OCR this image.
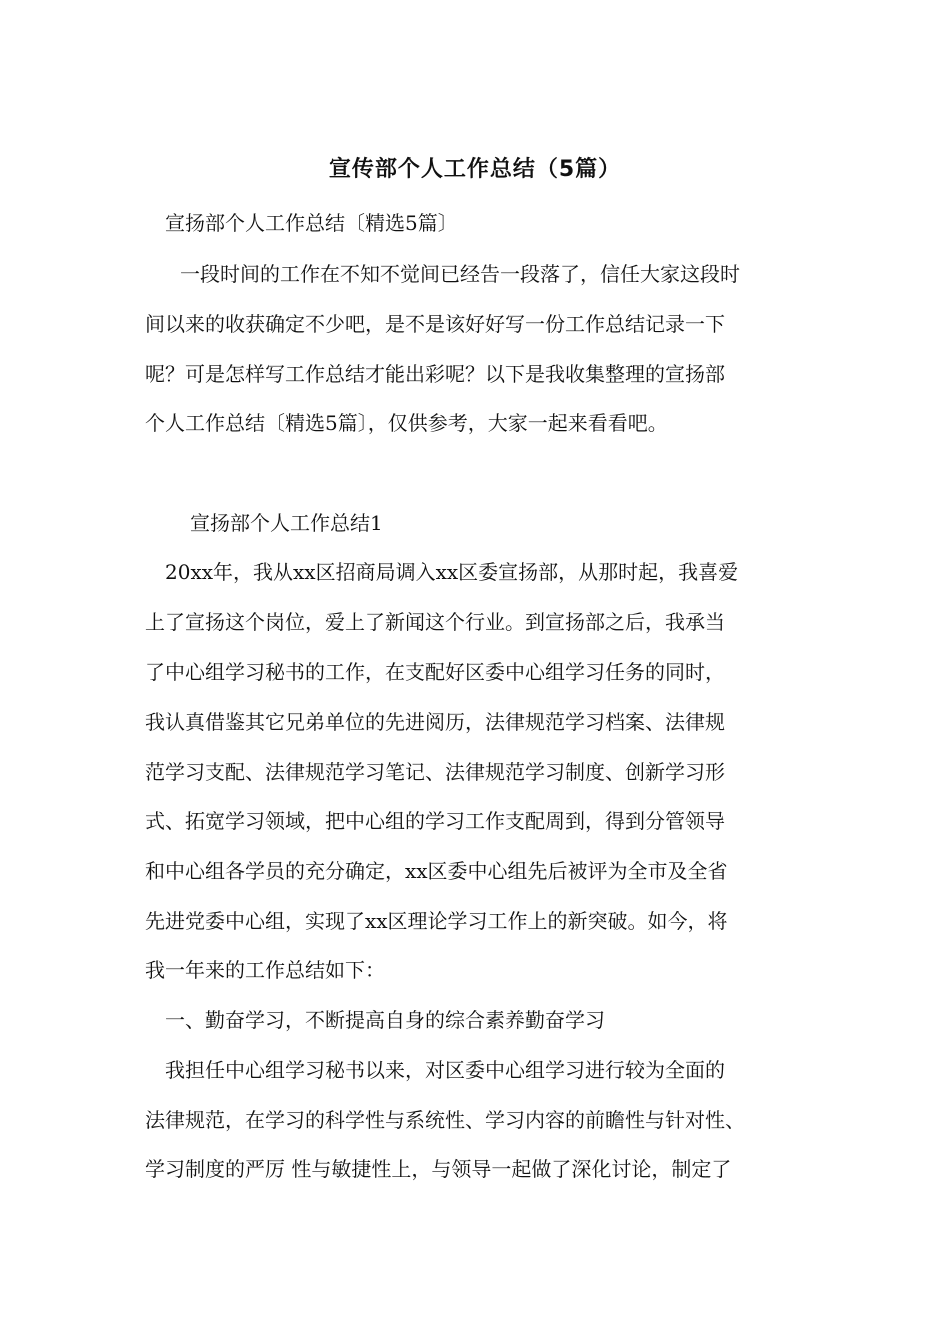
宣传部个人工作总结（5篇）
宣扬部个人工作总结〔精选5篇〕
一段时间的工作在不知不觉间已经告一段落了，信任大家这段时
间以来的收获确定不少吧，是不是该好好写一份工作总结记录一下
呢？可是怎样写工作总结才能出彩呢？以下是我收集整理的宣扬部
个人工作总结〔精选5篇〕，仅供参考，大家一起来看看吧。
宣扬部个人工作总结1
20xx年，我从xx区招商局调入xx区委宣扬部，从那时起，我喜爱
上了宣扬这个岗位，爱上了新闻这个行业。到宣扬部之后，我承当
了中心组学习秘书的工作，在支配好区委中心组学习任务的同时，
我认真借鉴其它兄弟单位的先进阅历，法律规范学习档案、法律规
范学习支配、法律规范学习笔记、法律规范学习制度、创新学习形
式、拓宽学习领域，把中心组的学习工作支配周到，得到分管领导
和中心组各学员的充分确定，xx区委中心组先后被评为全市及全省
先进党委中心组，实现了xx区理论学习工作上的新突破。如今，将
我一年来的工作总结如下：
一、勤奋学习，不断提高自身的综合素养勤奋学习
我担任中心组学习秘书以来，对区委中心组学习进行较为全面的
法律规范，在学习的科学性与系统性、学习内容的前瞻性与针对性、
学习制度的严厉 性与敏捷性上，与领导一起做了深化讨论，制定了
